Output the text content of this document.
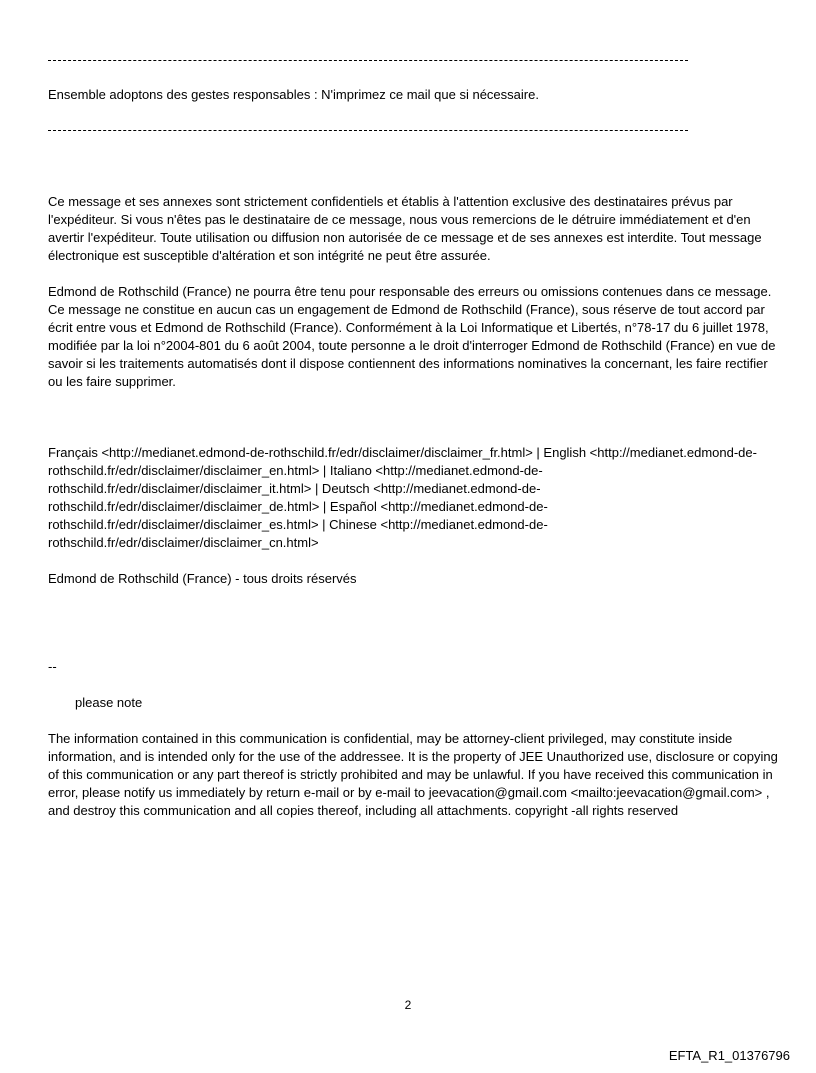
Ensemble adoptons des gestes responsables : N'imprimez ce mail que si nécessaire.

Ce message et ses annexes sont strictement confidentiels et établis à l'attention exclusive des destinataires prévus par l'expéditeur. Si vous n'êtes pas le destinataire de ce message, nous vous remercions de le détruire immédiatement et d'en avertir l'expéditeur. Toute utilisation ou diffusion non autorisée de ce message et de ses annexes est interdite. Tout message électronique est susceptible d'altération et son intégrité ne peut être assurée.

Edmond de Rothschild (France) ne pourra être tenu pour responsable des erreurs ou omissions contenues dans ce message. Ce message ne constitue en aucun cas un engagement de Edmond de Rothschild (France), sous réserve de tout accord par écrit entre vous et Edmond de Rothschild (France). Conformément à la Loi Informatique et Libertés, n°78-17 du 6 juillet 1978, modifiée par la loi n°2004-801 du 6 août 2004, toute personne a le droit d'interroger Edmond de Rothschild (France) en vue de savoir si les traitements automatisés dont il dispose contiennent des informations nominatives la concernant, les faire rectifier ou les faire supprimer.

Français <http://medianet.edmond-de-rothschild.fr/edr/disclaimer/disclaimer_fr.html> | English <http://medianet.edmond-de-rothschild.fr/edr/disclaimer/disclaimer_en.html> | Italiano <http://medianet.edmond-de-rothschild.fr/edr/disclaimer/disclaimer_it.html> | Deutsch <http://medianet.edmond-de-rothschild.fr/edr/disclaimer/disclaimer_de.html> | Español <http://medianet.edmond-de-rothschild.fr/edr/disclaimer/disclaimer_es.html> | Chinese <http://medianet.edmond-de-rothschild.fr/edr/disclaimer/disclaimer_cn.html>

Edmond de Rothschild (France) - tous droits réservés

--

please note

The information contained in this communication is confidential, may be attorney-client privileged, may constitute inside information, and is intended only for the use of the addressee. It is the property of JEE Unauthorized use, disclosure or copying of this communication or any part thereof is strictly prohibited and may be unlawful. If you have received this communication in error, please notify us immediately by return e-mail or by e-mail to jeevacation@gmail.com <mailto:jeevacation@gmail.com> , and destroy this communication and all copies thereof, including all attachments. copyright -all rights reserved

2
EFTA_R1_01376796
